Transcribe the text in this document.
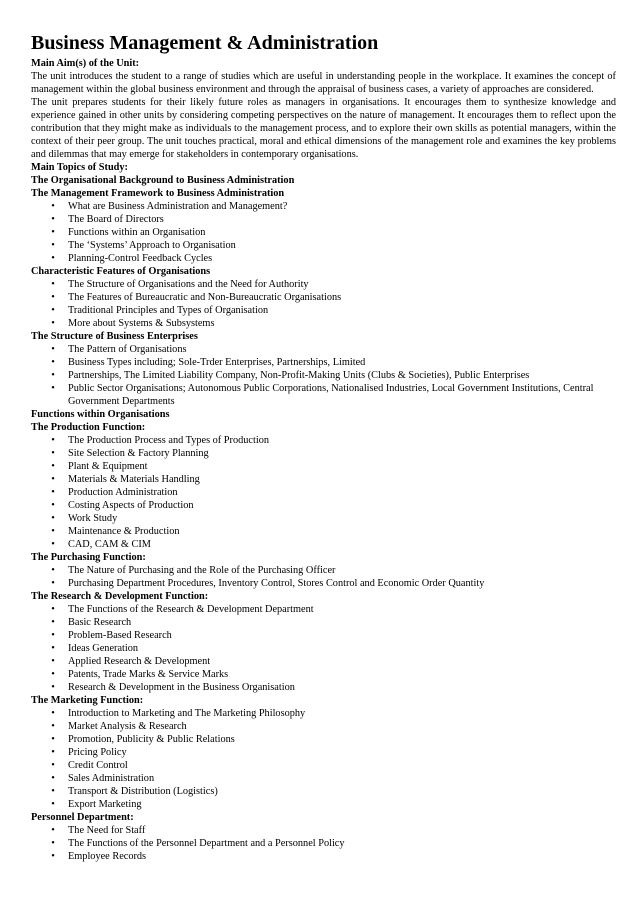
Business Management & Administration

Main Aim(s) of the Unit:

The unit introduces the student to a range of studies which are useful in understanding people in the workplace. It examines the concept of management within the global business environment and through the appraisal of business cases, a variety of approaches are considered.

The unit prepares students for their likely future roles as managers in organisations. It encourages them to synthesize knowledge and experience gained in other units by considering competing perspectives on the nature of management. It encourages them to reflect upon the contribution that they might make as individuals to the management process, and to explore their own skills as potential managers, within the context of their peer group. The unit touches practical, moral and ethical dimensions of the management role and examines the key problems and dilemmas that may emerge for stakeholders in contemporary organisations.

Main Topics of Study:

The Organisational Background to Business Administration

The Management Framework to Business Administration

• What are Business Administration and Management?
• The Board of Directors
• Functions within an Organisation
• The ‘Systems’ Approach to Organisation
• Planning-Control Feedback Cycles

Characteristic Features of Organisations

• The Structure of Organisations and the Need for Authority
• The Features of Bureaucratic and Non-Bureaucratic Organisations
• Traditional Principles and Types of Organisation
• More about Systems & Subsystems

The Structure of Business Enterprises

• The Pattern of Organisations
• Business Types including; Sole-Trder Enterprises, Partnerships, Limited
• Partnerships, The Limited Liability Company, Non-Profit-Making Units (Clubs & Societies), Public Enterprises
• Public Sector Organisations; Autonomous Public Corporations, Nationalised Industries, Local Government Institutions, Central Government Departments

Functions within Organisations

The Production Function:

• The Production Process and Types of Production
• Site Selection & Factory Planning
• Plant & Equipment
• Materials & Materials Handling
• Production Administration
• Costing Aspects of Production
• Work Study
• Maintenance & Production
• CAD, CAM & CIM

The Purchasing Function:

• The Nature of Purchasing and the Role of the Purchasing Officer
• Purchasing Department Procedures, Inventory Control, Stores Control and Economic Order Quantity

The Research & Development Function:

• The Functions of the Research & Development Department
• Basic Research
• Problem-Based Research
• Ideas Generation
• Applied Research & Development
• Patents, Trade Marks & Service Marks
• Research & Development in the Business Organisation

The Marketing Function:

• Introduction to Marketing and The Marketing Philosophy
• Market Analysis & Research
• Promotion, Publicity & Public Relations
• Pricing Policy
• Credit Control
• Sales Administration
• Transport & Distribution (Logistics)
• Export Marketing

Personnel Department:

• The Need for Staff
• The Functions of the Personnel Department and a Personnel Policy
• Employee Records
